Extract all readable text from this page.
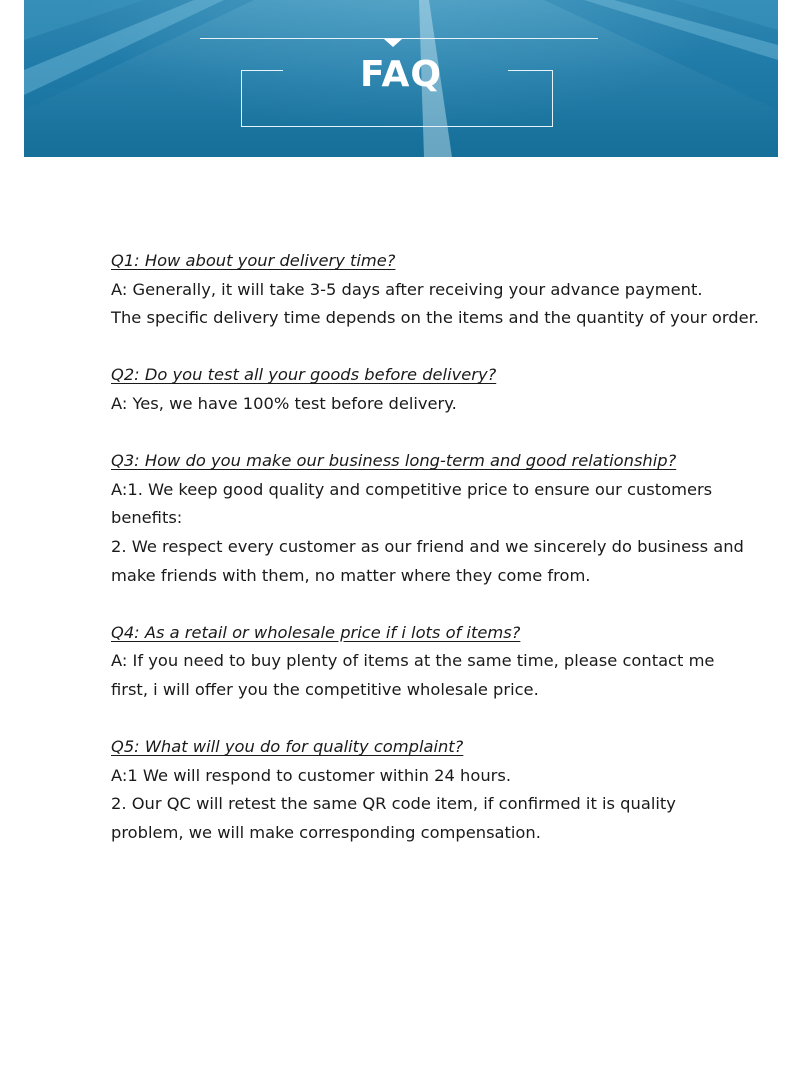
FAQ
Q1: How about your delivery time?
A: Generally, it will take 3-5 days after receiving your advance payment.
The specific delivery time depends on the items and the quantity of your order.
Q2: Do you test all your goods before delivery?
A: Yes, we have 100% test before delivery.
Q3: How do you make our business long-term and good relationship?
A:1. We keep good quality and competitive price to ensure our customers benefits:
2. We respect every customer as our friend and we sincerely do business and make friends with them, no matter where they come from.
Q4: As a retail or wholesale price if i lots of items?
A: If you need to buy plenty of items at the same time, please contact me first, i will offer you the competitive wholesale price.
Q5: What will you do for quality complaint?
A:1 We will respond to customer within 24 hours.
2. Our QC will retest the same QR code item, if confirmed it is quality problem, we will make corresponding compensation.
